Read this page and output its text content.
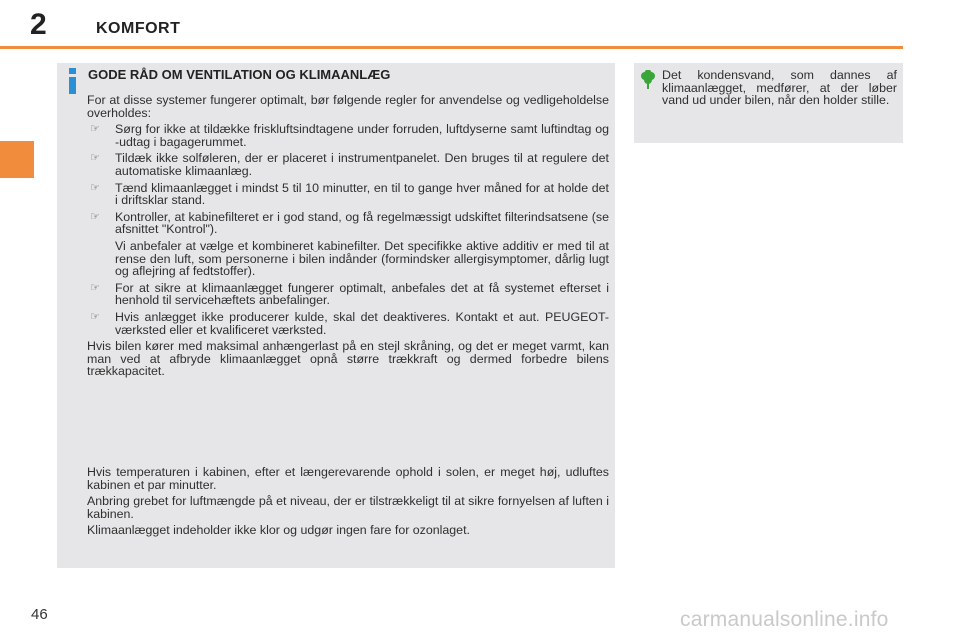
2	KOMFORT
GODE RÅD OM VENTILATION OG KLIMAANLÆG

For at disse systemer fungerer optimalt, bør følgende regler for anvendelse og vedligeholdelse overholdes:

☞ Sørg for ikke at tildække friskluftsindtagene under forruden, luftdyserne samt luftindtag og -udtag i bagagerummet.
☞ Tildæk ikke solføleren, der er placeret i instrumentpanelet. Den bruges til at regulere det automatiske klimaanlæg.
☞ Tænd klimaanlægget i mindst 5 til 10 minutter, en til to gange hver måned for at holde det i driftsklar stand.
☞ Kontroller, at kabinefilteret er i god stand, og få regelmæssigt udskiftet filterindsatsene (se afsnittet "Kontrol").
Vi anbefaler at vælge et kombineret kabinefilter. Det specifikke aktive additiv er med til at rense den luft, som personerne i bilen indånder (formindsker allergisymptomer, dårlig lugt og aflejring af fedtstoffer).
☞ For at sikre at klimaanlægget fungerer optimalt, anbefales det at få systemet efterset i henhold til servicehæftets anbefalinger.
☞ Hvis anlægget ikke producerer kulde, skal det deaktiveres. Kontakt et aut. PEUGEOT-værksted eller et kvalificeret værksted.

Hvis bilen kører med maksimal anhængerlast på en stejl skråning, og det er meget varmt, kan man ved at afbryde klimaanlægget opnå større trækkraft og dermed forbedre bilens trækkapacitet.

Hvis temperaturen i kabinen, efter et længerevarende ophold i solen, er meget høj, udluftes kabinen et par minutter.

Anbring grebet for luftmængde på et niveau, der er tilstrækkeligt til at sikre fornyelsen af luften i kabinen.

Klimaanlægget indeholder ikke klor og udgør ingen fare for ozonlaget.

Det kondensvand, som dannes af klimaanlægget, medfører, at der løber vand ud under bilen, når den holder stille.
46	carmanualsonline.info
